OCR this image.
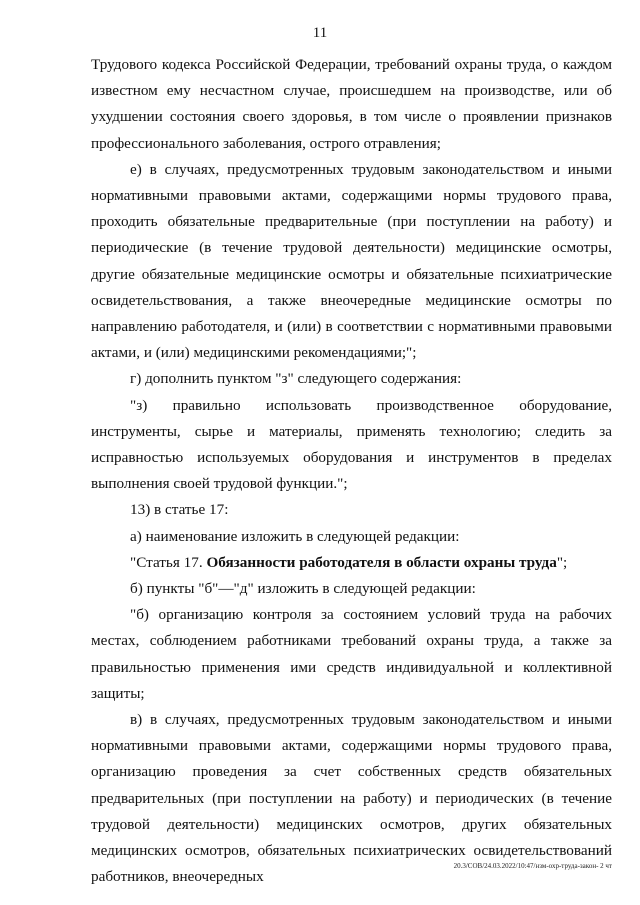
11

Трудового кодекса Российской Федерации, требований охраны труда, о каждом известном ему несчастном случае, происшедшем на производстве, или об ухудшении состояния своего здоровья, в том числе о проявлении признаков профессионального заболевания, острого отравления;

е) в случаях, предусмотренных трудовым законодательством и иными нормативными правовыми актами, содержащими нормы трудового права, проходить обязательные предварительные (при поступлении на работу) и периодические (в течение трудовой деятельности) медицинские осмотры, другие обязательные медицинские осмотры и обязательные психиатрические освидетельствования, а также внеочередные медицинские осмотры по направлению работодателя, и (или) в соответствии с нормативными правовыми актами, и (или) медицинскими рекомендациями;";

г) дополнить пунктом "з" следующего содержания:

"з) правильно использовать производственное оборудование, инструменты, сырье и материалы, применять технологию; следить за исправностью используемых оборудования и инструментов в пределах выполнения своей трудовой функции.";

13) в статье 17:

а) наименование изложить в следующей редакции:

"Статья 17. Обязанности работодателя в области охраны труда";

б) пункты "б"—"д" изложить в следующей редакции:

"б) организацию контроля за состоянием условий труда на рабочих местах, соблюдением работниками требований охраны труда, а также за правильностью применения ими средств индивидуальной и коллективной защиты;

в) в случаях, предусмотренных трудовым законодательством и иными нормативными правовыми актами, содержащими нормы трудового права, организацию проведения за счет собственных средств обязательных предварительных (при поступлении на работу) и периодических (в течение трудовой деятельности) медицинских осмотров, других обязательных медицинских осмотров, обязательных психиатрических освидетельствований работников, внеочередных

20.3/СОВ/24.03.2022/10:47/нзм-охр-труда-закон- 2 чт
